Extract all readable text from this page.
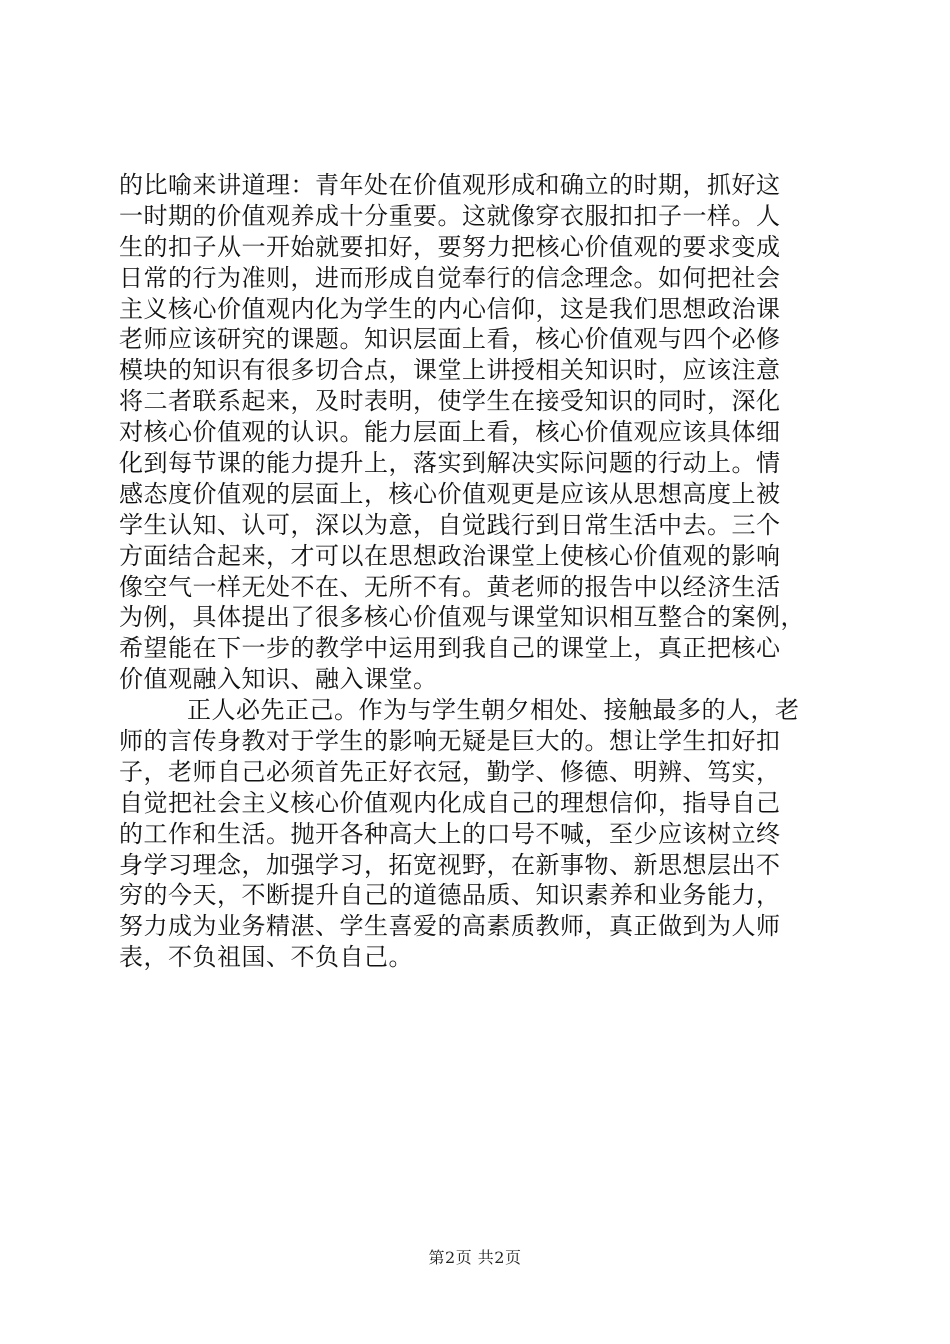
的比喻来讲道理：青年处在价值观形成和确立的时期，抓好这
一时期的价值观养成十分重要。这就像穿衣服扣扣子一样。人
生的扣子从一开始就要扣好，要努力把核心价值观的要求变成
日常的行为准则，进而形成自觉奉行的信念理念。如何把社会
主义核心价值观内化为学生的内心信仰，这是我们思想政治课
老师应该研究的课题。知识层面上看，核心价值观与四个必修
模块的知识有很多切合点，课堂上讲授相关知识时，应该注意
将二者联系起来，及时表明，使学生在接受知识的同时，深化
对核心价值观的认识。能力层面上看，核心价值观应该具体细
化到每节课的能力提升上，落实到解决实际问题的行动上。情
感态度价值观的层面上，核心价值观更是应该从思想高度上被
学生认知、认可，深以为意，自觉践行到日常生活中去。三个
方面结合起来，才可以在思想政治课堂上使核心价值观的影响
像空气一样无处不在、无所不有。黄老师的报告中以经济生活
为例，具体提出了很多核心价值观与课堂知识相互整合的案例，
希望能在下一步的教学中运用到我自己的课堂上，真正把核心
价值观融入知识、融入课堂。
正人必先正己。作为与学生朝夕相处、接触最多的人，老
师的言传身教对于学生的影响无疑是巨大的。想让学生扣好扣
子，老师自己必须首先正好衣冠，勤学、修德、明辨、笃实，
自觉把社会主义核心价值观内化成自己的理想信仰，指导自己
的工作和生活。抛开各种高大上的口号不喊，至少应该树立终
身学习理念，加强学习，拓宽视野，在新事物、新思想层出不
穷的今天，不断提升自己的道德品质、知识素养和业务能力，
努力成为业务精湛、学生喜爱的高素质教师，真正做到为人师
表，不负祖国、不负自己。
第2页 共2页
